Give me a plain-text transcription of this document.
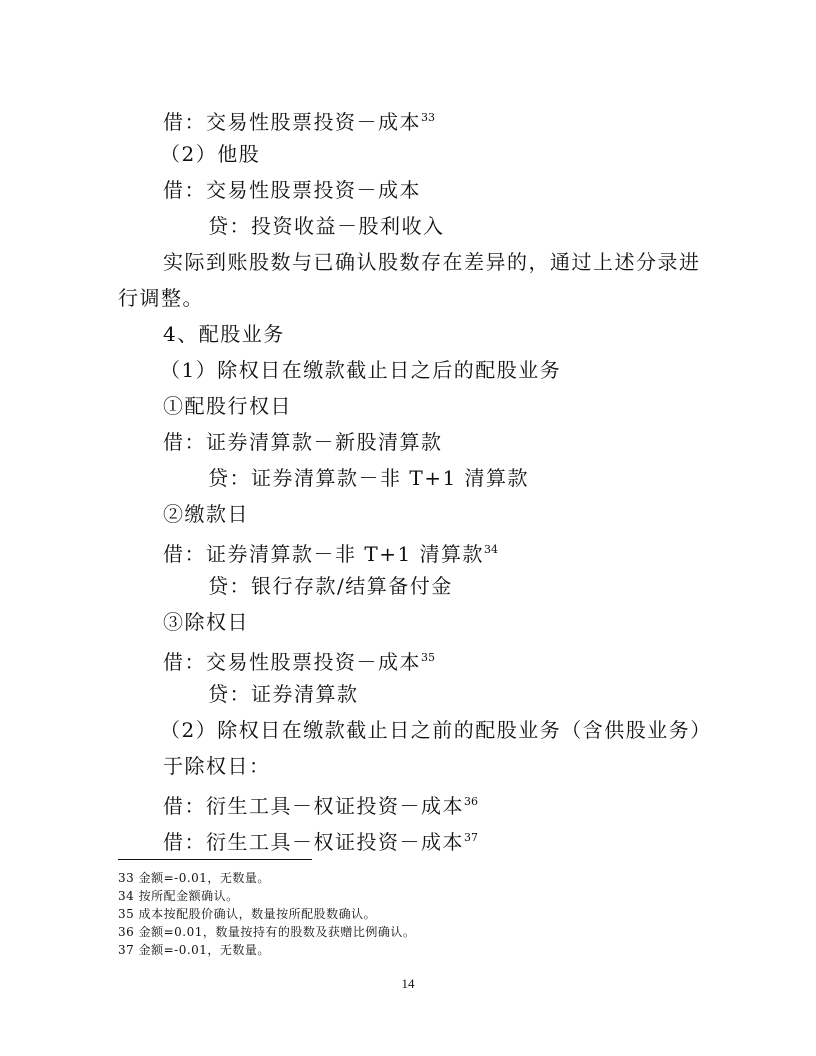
借：交易性股票投资－成本$^{33}$
（2）他股
借：交易性股票投资－成本
贷：投资收益－股利收入
实际到账股数与已确认股数存在差异的，通过上述分录进
行调整。
4、配股业务
（1）除权日在缴款截止日之后的配股业务
①配股行权日
借：证券清算款－新股清算款
贷：证券清算款－非 T+1 清算款
②缴款日
借：证券清算款－非 T+1 清算款$^{34}$
贷：银行存款/结算备付金
③除权日
借：交易性股票投资－成本$^{35}$
贷：证券清算款
（2）除权日在缴款截止日之前的配股业务（含供股业务）
于除权日：
借：衍生工具－权证投资－成本$^{36}$
借：衍生工具－权证投资－成本$^{37}$
33 金额=-0.01，无数量。
34 按所配金额确认。
35 成本按配股价确认，数量按所配股数确认。
36 金额=0.01，数量按持有的股数及获赠比例确认。
37 金额=-0.01，无数量。
14
